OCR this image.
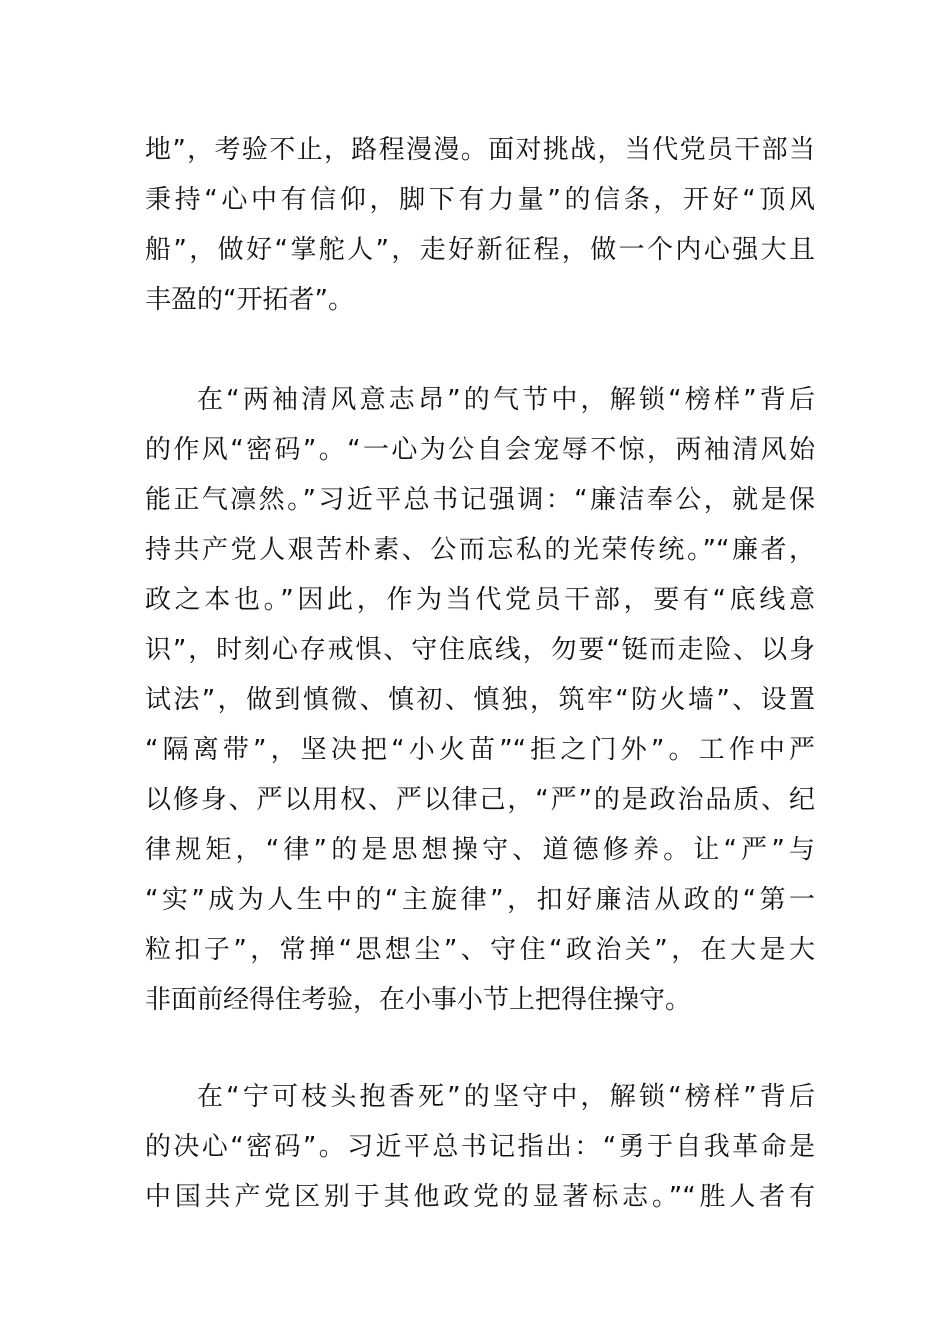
地”，考验不止，路程漫漫。面对挑战，当代党员干部当
秉持“心中有信仰，脚下有力量”的信条，开好“顶风
船”，做好“掌舵人”，走好新征程，做一个内心强大且
丰盈的“开拓者”。
在“两袖清风意志昂”的气节中，解锁“榜样”背后
的作风“密码”。“一心为公自会宠辱不惊，两袖清风始
能正气凛然。”习近平总书记强调：“廉洁奉公，就是保
持共产党人艰苦朴素、公而忘私的光荣传统。”“廉者，
政之本也。”因此，作为当代党员干部，要有“底线意
识”，时刻心存戒惧、守住底线，勿要“铤而走险、以身
试法”，做到慎微、慎初、慎独，筑牢“防火墙”、设置
“隔离带”，坚决把“小火苗”“拒之门外”。工作中严
以修身、严以用权、严以律己，“严”的是政治品质、纪
律规矩，“律”的是思想操守、道德修养。让“严”与
“实”成为人生中的“主旋律”，扣好廉洁从政的“第一
粒扣子”，常掸“思想尘”、守住“政治关”，在大是大
非面前经得住考验，在小事小节上把得住操守。
在“宁可枝头抱香死”的坚守中，解锁“榜样”背后
的决心“密码”。习近平总书记指出：“勇于自我革命是
中国共产党区别于其他政党的显著标志。”“胜人者有
